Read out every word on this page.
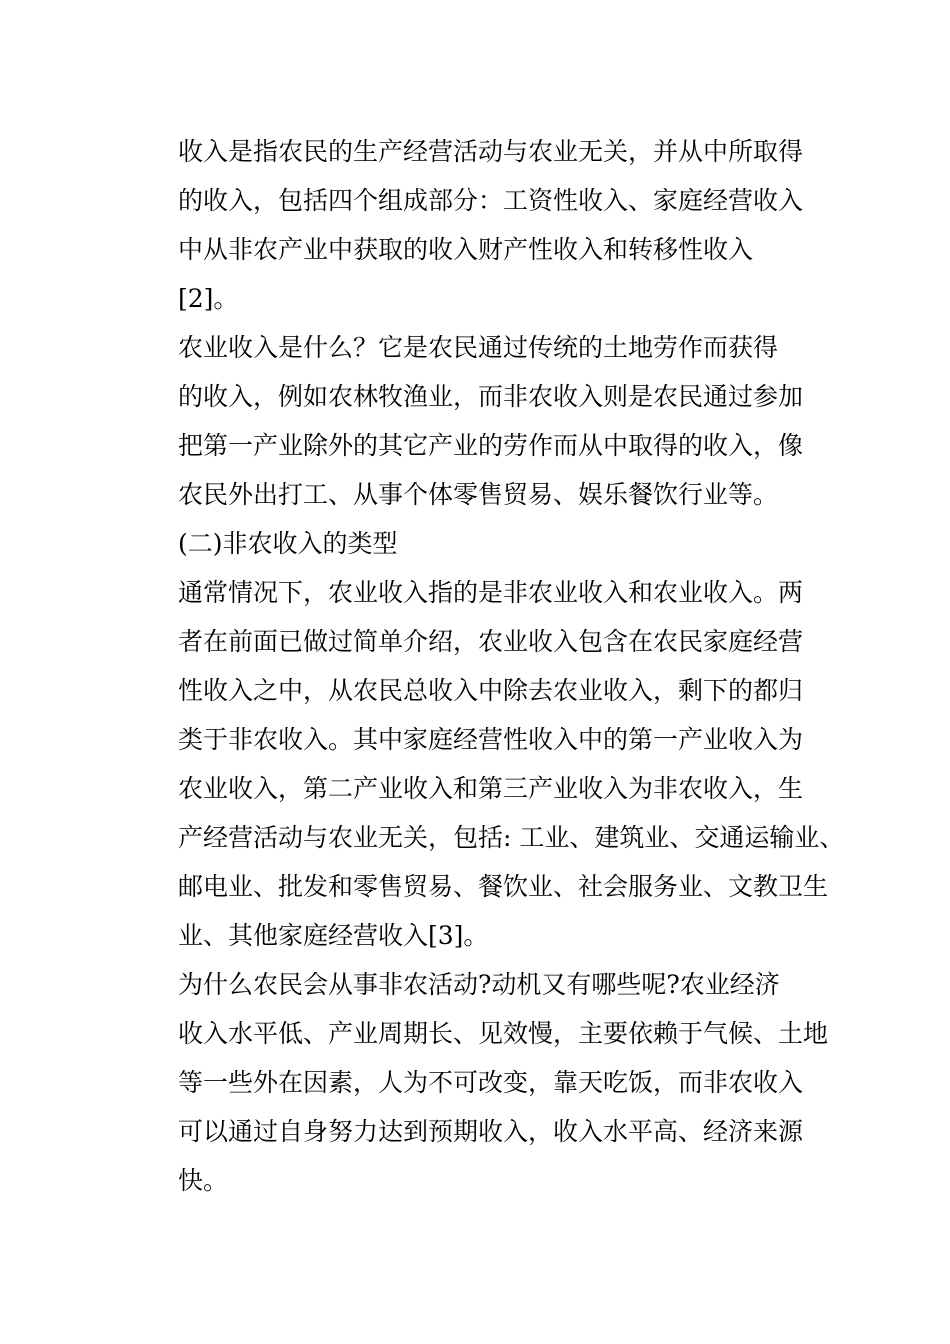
收入是指农民的生产经营活动与农业无关，并从中所取得
的收入，包括四个组成部分：工资性收入、家庭经营收入
中从非农产业中获取的收入财产性收入和转移性收入
[2]。
农业收入是什么？它是农民通过传统的土地劳作而获得
的收入，例如农林牧渔业，而非农收入则是农民通过参加
把第一产业除外的其它产业的劳作而从中取得的收入，像
农民外出打工、从事个体零售贸易、娱乐餐饮行业等。
(二)非农收入的类型
通常情况下，农业收入指的是非农业收入和农业收入。两
者在前面已做过简单介绍，农业收入包含在农民家庭经营
性收入之中，从农民总收入中除去农业收入，剩下的都归
类于非农收入。其中家庭经营性收入中的第一产业收入为
农业收入，第二产业收入和第三产业收入为非农收入，生
产经营活动与农业无关，包括: 工业、建筑业、交通运输业、
邮电业、批发和零售贸易、餐饮业、社会服务业、文教卫生
业、其他家庭经营收入[3]。
为什么农民会从事非农活动?动机又有哪些呢?农业经济
收入水平低、产业周期长、见效慢，主要依赖于气候、土地
等一些外在因素，人为不可改变，靠天吃饭，而非农收入
可以通过自身努力达到预期收入，收入水平高、经济来源
快。
